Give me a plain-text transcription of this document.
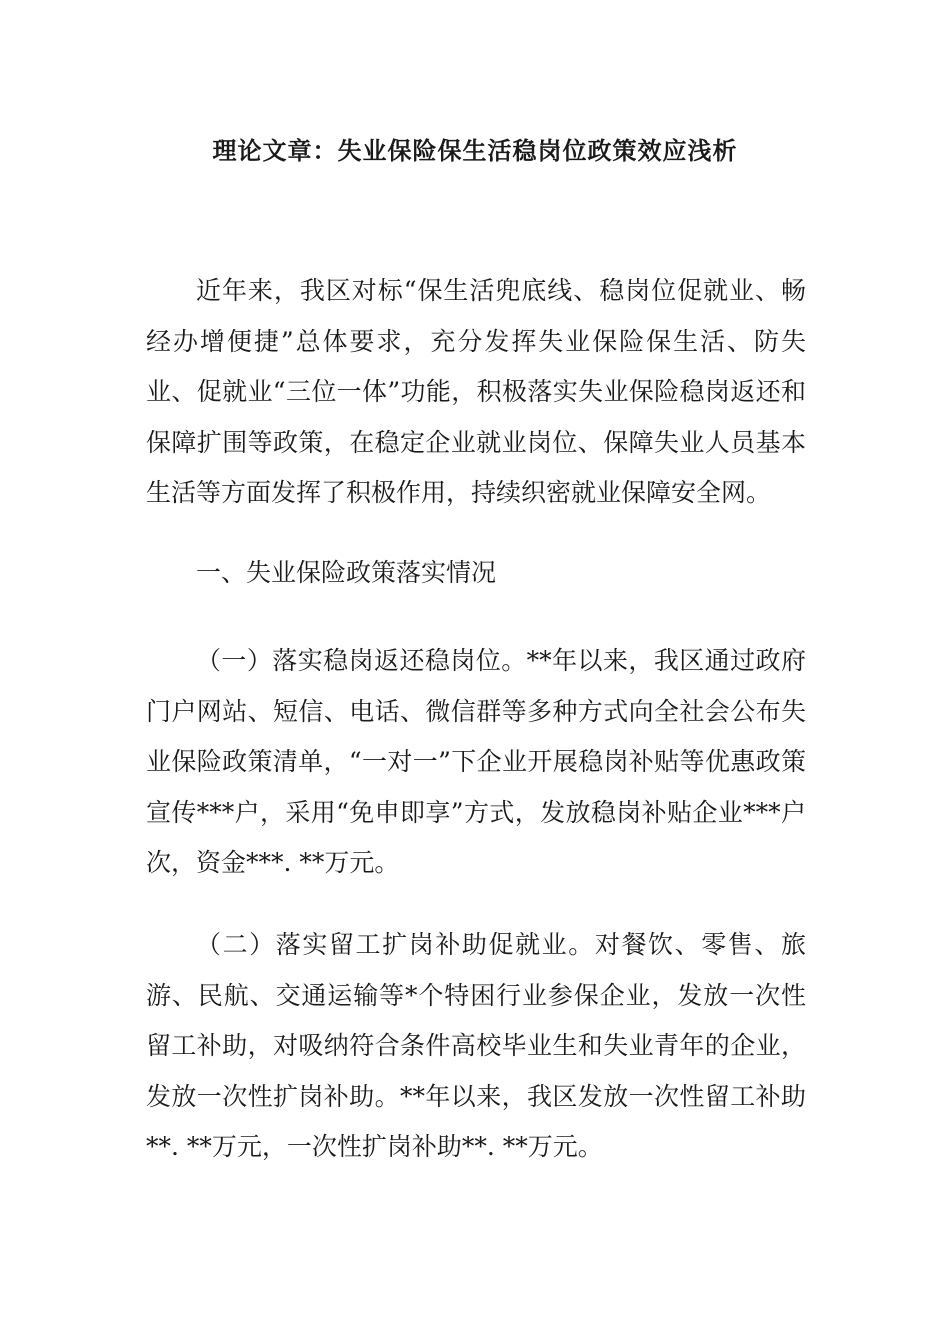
理论文章：失业保险保生活稳岗位政策效应浅析

近年来，我区对标“保生活兜底线、稳岗位促就业、畅经办增便捷”总体要求，充分发挥失业保险保生活、防失业、促就业“三位一体”功能，积极落实失业保险稳岗返还和保障扩围等政策，在稳定企业就业岗位、保障失业人员基本生活等方面发挥了积极作用，持续织密就业保障安全网。

一、失业保险政策落实情况

（一）落实稳岗返还稳岗位。**年以来，我区通过政府门户网站、短信、电话、微信群等多种方式向全社会公布失业保险政策清单，“一对一”下企业开展稳岗补贴等优惠政策宣传***户，采用“免申即享”方式，发放稳岗补贴企业***户次，资金***. **万元。

（二）落实留工扩岗补助促就业。对餐饮、零售、旅游、民航、交通运输等*个特困行业参保企业，发放一次性留工补助，对吸纳符合条件高校毕业生和失业青年的企业，发放一次性扩岗补助。**年以来，我区发放一次性留工补助**. **万元，一次性扩岗补助**. **万元。
